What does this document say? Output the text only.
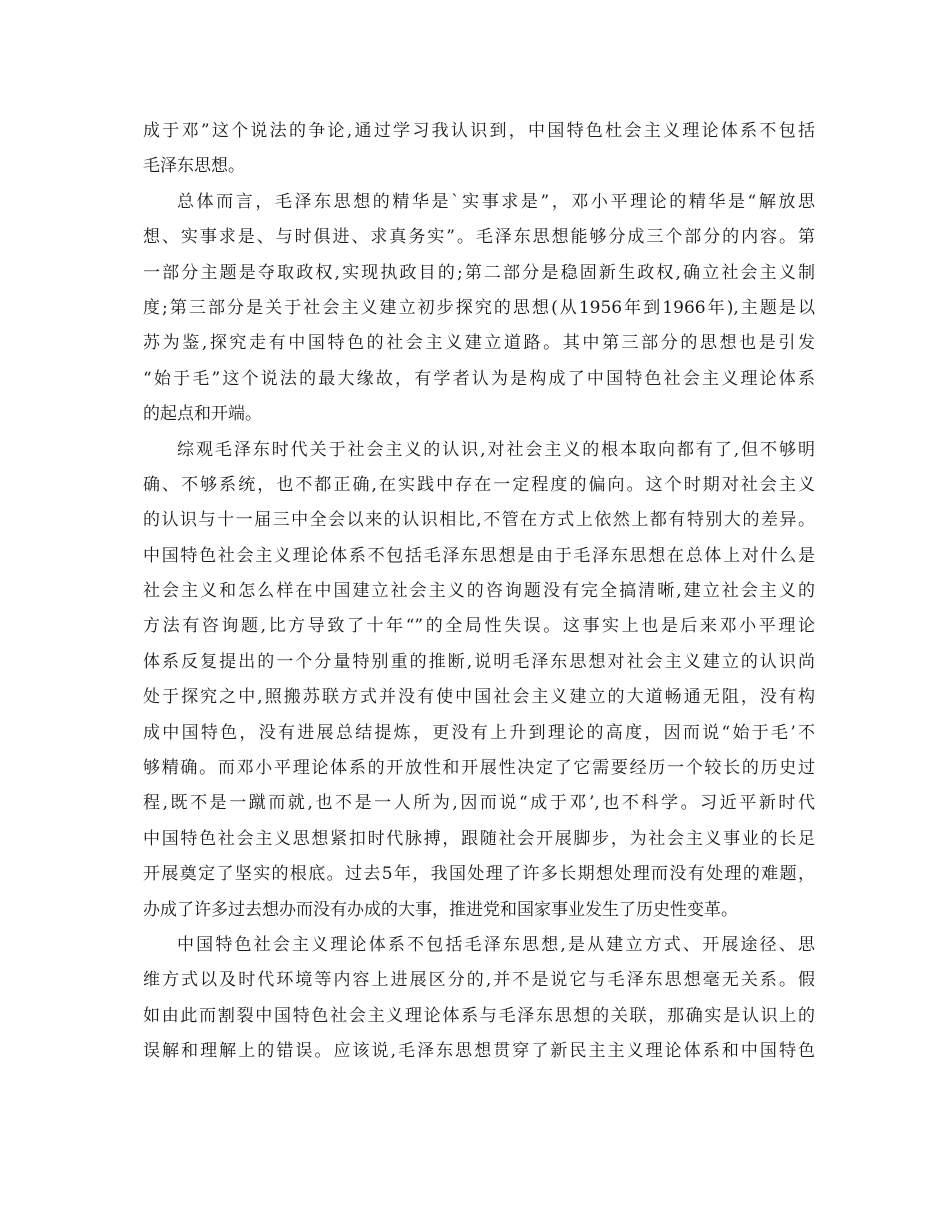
成于邓”这个说法的争论,通过学习我认识到，中国特色杜会主义理论体系不包括
毛泽东思想。
总体而言，毛泽东思想的精华是`实事求是”，邓小平理论的精华是“解放思
想、实事求是、与时俱进、求真务实”。毛泽东思想能够分成三个部分的内容。第
一部分主题是夺取政权,实现执政目的;第二部分是稳固新生政权,确立社会主义制
度;第三部分是关于社会主义建立初步探究的思想(从1956年到1966年),主题是以
苏为鉴,探究走有中国特色的社会主义建立道路。其中第三部分的思想也是引发
“始于毛”这个说法的最大缘故，有学者认为是构成了中国特色社会主义理论体系
的起点和开端。
综观毛泽东时代关于社会主义的认识,对社会主义的根本取向都有了,但不够明
确、不够系统，也不都正确,在实践中存在一定程度的偏向。这个时期对社会主义
的认识与十一届三中全会以来的认识相比,不管在方式上依然上都有特别大的差异。
中国特色社会主义理论体系不包括毛泽东思想是由于毛泽东思想在总体上对什么是
社会主义和怎么样在中国建立社会主义的咨询题没有完全搞清晰,建立社会主义的
方法有咨询题,比方导致了十年“”的全局性失误。这事实上也是后来邓小平理论
体系反复提出的一个分量特别重的推断,说明毛泽东思想对社会主义建立的认识尚
处于探究之中,照搬苏联方式并没有使中国社会主义建立的大道畅通无阻，没有构
成中国特色，没有进展总结提炼，更没有上升到理论的高度，因而说“始于毛’不
够精确。而邓小平理论体系的开放性和开展性决定了它需要经历一个较长的历史过
程,既不是一蹴而就,也不是一人所为,因而说“成于邓’,也不科学。习近平新时代
中国特色社会主义思想紧扣时代脉搏，跟随社会开展脚步，为社会主义事业的长足
开展奠定了坚实的根底。过去5年，我国处理了许多长期想处理而没有处理的难题，
办成了许多过去想办而没有办成的大事，推进党和国家事业发生了历史性变革。
中国特色社会主义理论体系不包括毛泽东思想,是从建立方式、开展途径、思
维方式以及时代环境等内容上进展区分的,并不是说它与毛泽东思想毫无关系。假
如由此而割裂中国特色社会主义理论体系与毛泽东思想的关联，那确实是认识上的
误解和理解上的错误。应该说,毛泽东思想贯穿了新民主主义理论体系和中国特色
